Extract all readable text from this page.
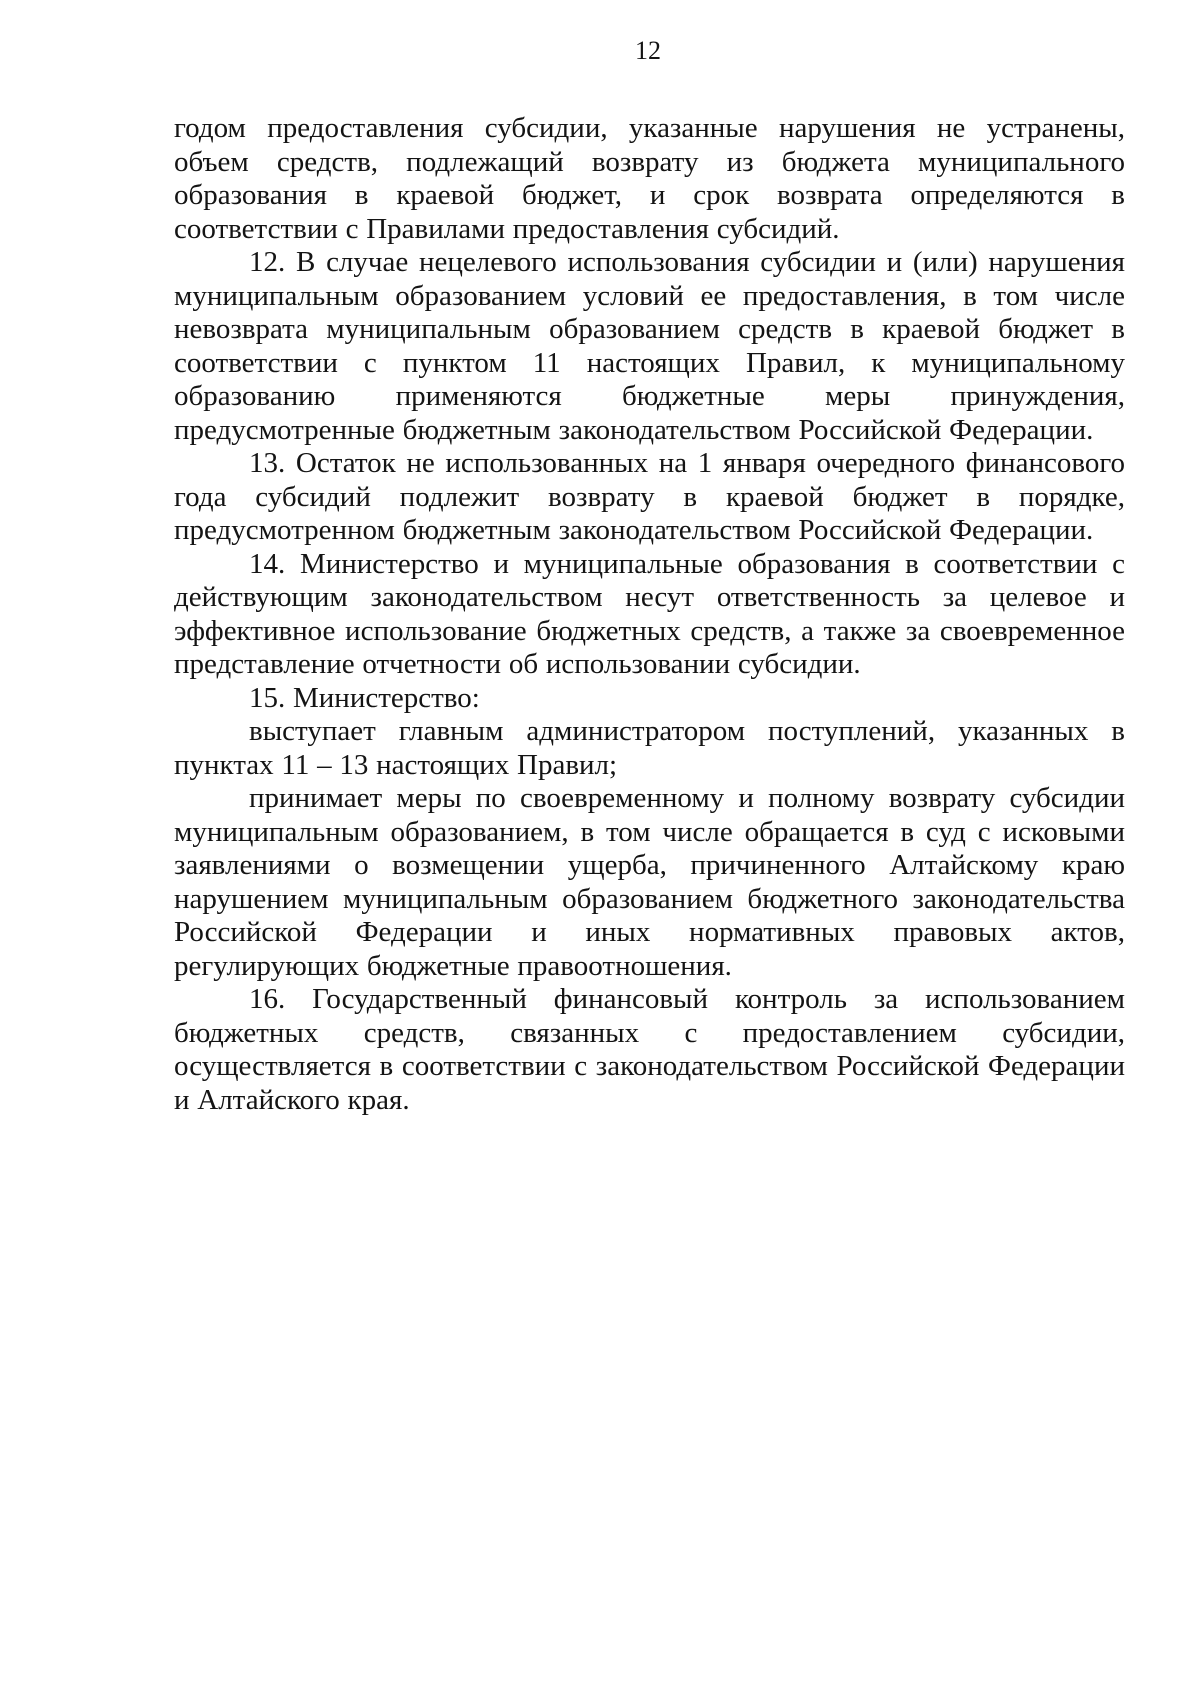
12

годом предоставления субсидии, указанные нарушения не устранены, объем средств, подлежащий возврату из бюджета муниципального образования в краевой бюджет, и срок возврата определяются в соответствии с Правилами предоставления субсидий.

12. В случае нецелевого использования субсидии и (или) нарушения муниципальным образованием условий ее предоставления, в том числе невозврата муниципальным образованием средств в краевой бюджет в соответствии с пунктом 11 настоящих Правил, к муниципальному образованию применяются бюджетные меры принуждения, предусмотренные бюджетным законодательством Российской Федерации.

13. Остаток не использованных на 1 января очередного финансового года субсидий подлежит возврату в краевой бюджет в порядке, предусмотренном бюджетным законодательством Российской Федерации.

14. Министерство и муниципальные образования в соответствии с действующим законодательством несут ответственность за целевое и эффективное использование бюджетных средств, а также за своевременное представление отчетности об использовании субсидии.

15. Министерство:

выступает главным администратором поступлений, указанных в пунктах 11 – 13 настоящих Правил;

принимает меры по своевременному и полному возврату субсидии муниципальным образованием, в том числе обращается в суд с исковыми заявлениями о возмещении ущерба, причиненного Алтайскому краю нарушением муниципальным образованием бюджетного законодательства Российской Федерации и иных нормативных правовых актов, регулирующих бюджетные правоотношения.

16. Государственный финансовый контроль за использованием бюджетных средств, связанных с предоставлением субсидии, осуществляется в соответствии с законодательством Российской Федерации и Алтайского края.
